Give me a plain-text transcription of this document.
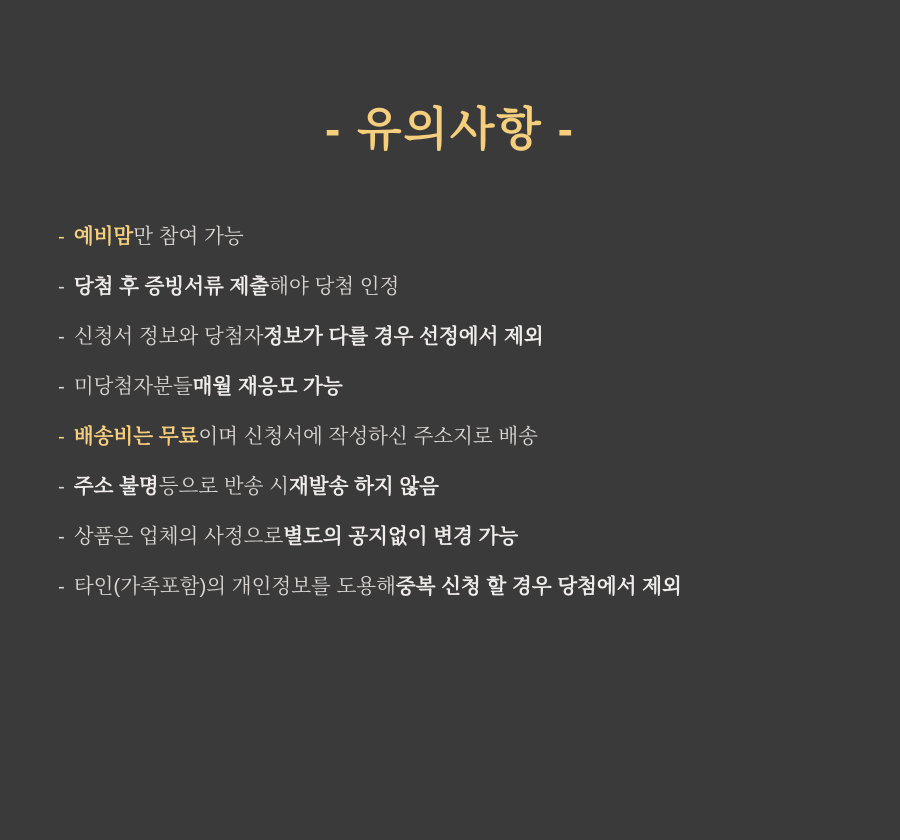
- 유의사항 -
- 예비맘 만 참여 가능
- 당첨 후 증빙서류 제출 해야 당첨 인정
- 신청서 정보와 당첨자 정보가 다를 경우 선정에서 제외
- 미당첨자분들 매월 재응모 가능
- 배송비는 무료 이며 신청서에 작성하신 주소지로 배송
- 주소 불명 등으로 반송 시 재발송 하지 않음
- 상품은 업체의 사정으로 별도의 공지없이 변경 가능
- 타인(가족포함)의 개인정보를 도용해 중복 신청 할 경우 당첨에서 제외
